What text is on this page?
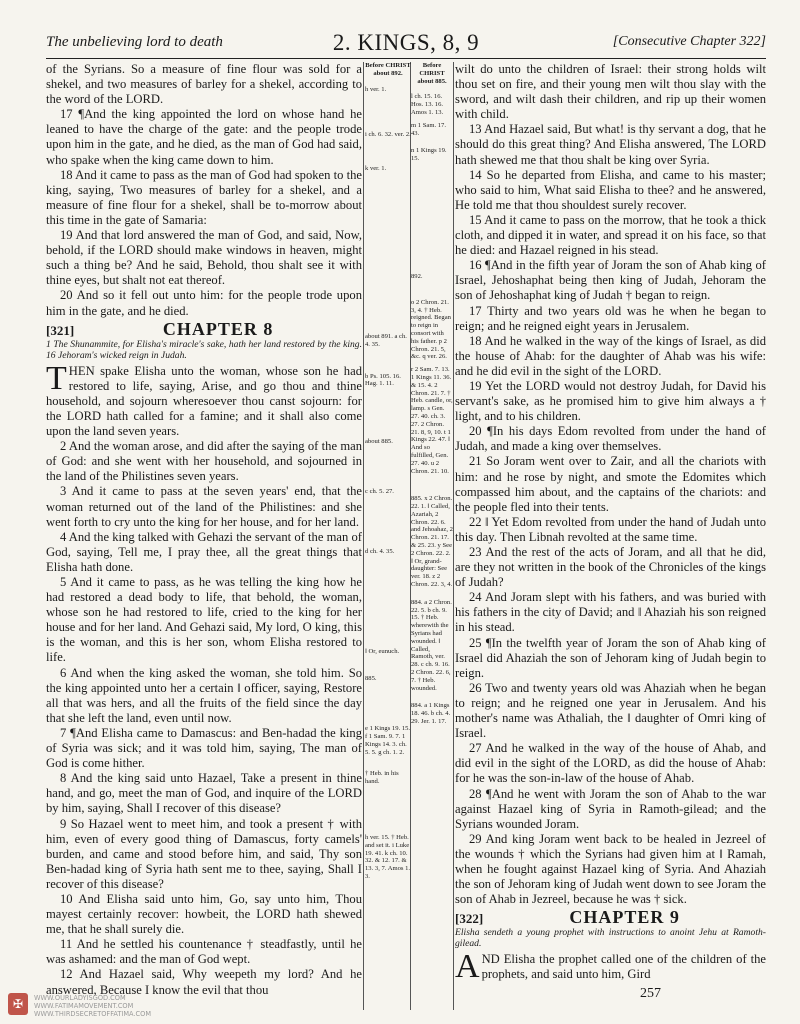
The unbelieving lord to death	2. KINGS, 8, 9	[Consecutive Chapter 322]

of the Syrians. So a measure of fine flour was sold for a shekel, and two measures of barley for a shekel, according to the word of the LORD.

17 ¶And the king appointed the lord on whose hand he leaned to have the charge of the gate: and the people trode upon him in the gate, and he died, as the man of God had said, who spake when the king came down to him.

18 And it came to pass as the man of God had spoken to the king, saying, Two measures of barley for a shekel, and a measure of fine flour for a shekel, shall be to-morrow about this time in the gate of Samaria:

19 And that lord answered the man of God, and said, Now, behold, if the LORD should make windows in heaven, might such a thing be? And he said, Behold, thou shalt see it with thine eyes, but shalt not eat thereof.

20 And so it fell out unto him: for the people trode upon him in the gate, and he died.

[321]	CHAPTER 8

1 The Shunammite, for Elisha's miracle's sake, hath her land restored by the king. 16 Jehoram's wicked reign in Judah.

THEN spake Elisha unto the woman, whose son he had restored to life, saying, Arise, and go thou and thine household, and sojourn wheresoever thou canst sojourn: for the LORD hath called for a famine; and it shall also come upon the land seven years.

2 And the woman arose, and did after the saying of the man of God: and she went with her household, and sojourned in the land of the Philistines seven years.

3 And it came to pass at the seven years' end, that the woman returned out of the land of the Philistines: and she went forth to cry unto the king for her house, and for her land.

4 And the king talked with Gehazi the servant of the man of God, saying, Tell me, I pray thee, all the great things that Elisha hath done.

5 And it came to pass, as he was telling the king how he had restored a dead body to life, that behold, the woman, whose son he had restored to life, cried to the king for her house and for her land. And Gehazi said, My lord, O king, this is the woman, and this is her son, whom Elisha restored to life.

6 And when the king asked the woman, she told him. So the king appointed unto her a certain ‖ officer, saying, Restore all that was hers, and all the fruits of the field since the day that she left the land, even until now.

7 ¶And Elisha came to Damascus: and Ben-hadad the king of Syria was sick; and it was told him, saying, The man of God is come hither.

8 And the king said unto Hazael, Take a present in thine hand, and go, meet the man of God, and inquire of the LORD by him, saying, Shall I recover of this disease?

9 So Hazael went to meet him, and took a present † with him, even of every good thing of Damascus, forty camels' burden, and came and stood before him, and said, Thy son Ben-hadad king of Syria hath sent me to thee, saying, Shall I recover of this disease?

10 And Elisha said unto him, Go, say unto him, Thou mayest certainly recover: howbeit, the LORD hath shewed me, that he shall surely die.

11 And he settled his countenance † steadfastly, until he was ashamed: and the man of God wept.

12 And Hazael said, Why weepeth my lord? And he answered, Because I know the evil that thou

Before CHRIST about 892.
h ver. 1.
i ch. 6. 32. ver. 2.
k ver. 1.
about 891. a ch. 4. 35.
b Ps. 105. 16. Hag. 1. 11.
about 885.
c ch. 5. 27.
d ch. 4. 35.
‖ Or, eunuch.
885.
e 1 Kings 19. 15. f 1 Sam. 9. 7. 1 Kings 14. 3. ch. 5. 5. g ch. 1. 2.
† Heb. in his hand.
h ver. 15. † Heb. and set it. i Luke 19. 41. k ch. 10. 32. & 12. 17. & 13. 3, 7. Amos 1. 3.
Before CHRIST about 885.
l ch. 15. 16. Hos. 13. 16. Amos 1. 13.
m 1 Sam. 17. 43.
n 1 Kings 19. 15.
892.
o 2 Chron. 21. 3, 4. † Heb. reigned. Began to reign in consort with his father. p 2 Chron. 21. 5, &c. q ver. 26.
r 2 Sam. 7. 13. 1 Kings 11. 36. & 15. 4. 2 Chron. 21. 7. † Heb. candle, or, lamp. s Gen. 27. 40. ch. 3. 27. 2 Chron. 21. 8, 9, 10. t 1 Kings 22. 47. ‖ And so fulfilled, Gen. 27. 40. u 2 Chron. 21. 10.
885. x 2 Chron. 22. 1. ‖ Called, Azariah, 2 Chron. 22. 6. and Jehoahaz, 2 Chron. 21. 17. & 25. 23. y See 2 Chron. 22. 2. ‖ Or, grand-daughter: See ver. 18. z 2 Chron. 22. 3, 4.
884. a 2 Chron. 22. 5. b ch. 9. 15. † Heb. wherewith the Syrians had wounded. ‖ Called, Ramoth, ver. 28. c ch. 9. 16. 2 Chron. 22. 6, 7. † Heb. wounded.
884. a 1 Kings 18. 46. b ch. 4. 29. Jer. 1. 17.

wilt do unto the children of Israel: their strong holds wilt thou set on fire, and their young men wilt thou slay with the sword, and wilt dash their children, and rip up their women with child.

13 And Hazael said, But what! is thy servant a dog, that he should do this great thing? And Elisha answered, The LORD hath shewed me that thou shalt be king over Syria.

14 So he departed from Elisha, and came to his master; who said to him, What said Elisha to thee? and he answered, He told me that thou shouldest surely recover.

15 And it came to pass on the morrow, that he took a thick cloth, and dipped it in water, and spread it on his face, so that he died: and Hazael reigned in his stead.

16 ¶And in the fifth year of Joram the son of Ahab king of Israel, Jehoshaphat being then king of Judah, Jehoram the son of Jehoshaphat king of Judah † began to reign.

17 Thirty and two years old was he when he began to reign; and he reigned eight years in Jerusalem.

18 And he walked in the way of the kings of Israel, as did the house of Ahab: for the daughter of Ahab was his wife: and he did evil in the sight of the LORD.

19 Yet the LORD would not destroy Judah, for David his servant's sake, as he promised him to give him always a † light, and to his children.

20 ¶In his days Edom revolted from under the hand of Judah, and made a king over themselves.

21 So Joram went over to Zair, and all the chariots with him: and he rose by night, and smote the Edomites which compassed him about, and the captains of the chariots: and the people fled into their tents.

22 ‖ Yet Edom revolted from under the hand of Judah unto this day. Then Libnah revolted at the same time.

23 And the rest of the acts of Joram, and all that he did, are they not written in the book of the Chronicles of the kings of Judah?

24 And Joram slept with his fathers, and was buried with his fathers in the city of David; and ‖ Ahaziah his son reigned in his stead.

25 ¶In the twelfth year of Joram the son of Ahab king of Israel did Ahaziah the son of Jehoram king of Judah begin to reign.

26 Two and twenty years old was Ahaziah when he began to reign; and he reigned one year in Jerusalem. And his mother's name was Athaliah, the ‖ daughter of Omri king of Israel.

27 And he walked in the way of the house of Ahab, and did evil in the sight of the LORD, as did the house of Ahab: for he was the son-in-law of the house of Ahab.

28 ¶And he went with Joram the son of Ahab to the war against Hazael king of Syria in Ramoth-gilead; and the Syrians wounded Joram.

29 And king Joram went back to be healed in Jezreel of the wounds † which the Syrians had given him at ‖ Ramah, when he fought against Hazael king of Syria. And Ahaziah the son of Jehoram king of Judah went down to see Joram the son of Ahab in Jezreel, because he was † sick.

[322]	CHAPTER 9

Elisha sendeth a young prophet with instructions to anoint Jehu at Ramoth-gilead.

AND Elisha the prophet called one of the children of the prophets, and said unto him, Gird

257
✠	WWW.OURLADYISGOD.COM
WWW.FATIMAMOVEMENT.COM
WWW.THIRDSECRETOFFATIMA.COM
